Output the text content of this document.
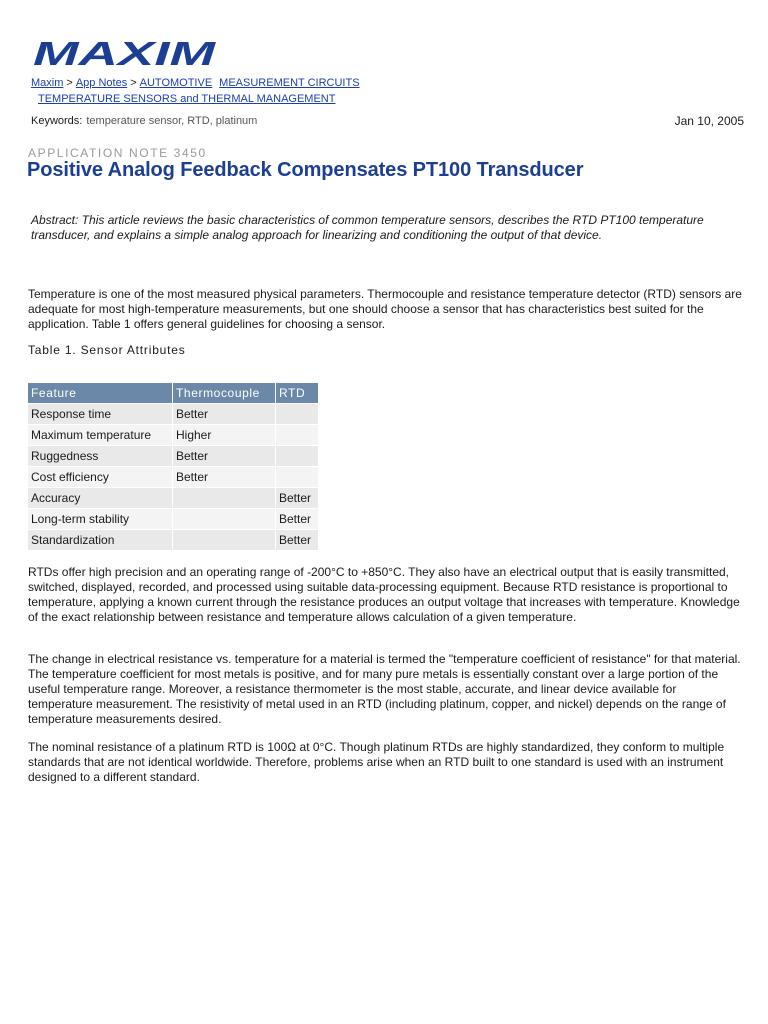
MAXIM
Maxim > App Notes > AUTOMOTIVE MEASUREMENT CIRCUITS
TEMPERATURE SENSORS and THERMAL MANAGEMENT
Keywords: temperature sensor, RTD, platinum	Jan 10, 2005
APPLICATION NOTE 3450
Positive Analog Feedback Compensates PT100 Transducer

Abstract: This article reviews the basic characteristics of common temperature sensors, describes the RTD PT100 temperature transducer, and explains a simple analog approach for linearizing and conditioning the output of that device.

Temperature is one of the most measured physical parameters. Thermocouple and resistance temperature detector (RTD) sensors are adequate for most high-temperature measurements, but one should choose a sensor that has characteristics best suited for the application. Table 1 offers general guidelines for choosing a sensor.

Table 1. Sensor Attributes
Feature	Thermocouple	RTD
Response time	Better	
Maximum temperature	Higher	
Ruggedness	Better	
Cost efficiency	Better	
Accuracy		Better
Long-term stability		Better
Standardization		Better

RTDs offer high precision and an operating range of -200°C to +850°C. They also have an electrical output that is easily transmitted, switched, displayed, recorded, and processed using suitable data-processing equipment. Because RTD resistance is proportional to temperature, applying a known current through the resistance produces an output voltage that increases with temperature. Knowledge of the exact relationship between resistance and temperature allows calculation of a given temperature.

The change in electrical resistance vs. temperature for a material is termed the "temperature coefficient of resistance" for that material. The temperature coefficient for most metals is positive, and for many pure metals is essentially constant over a large portion of the useful temperature range. Moreover, a resistance thermometer is the most stable, accurate, and linear device available for temperature measurement. The resistivity of metal used in an RTD (including platinum, copper, and nickel) depends on the range of temperature measurements desired.

The nominal resistance of a platinum RTD is 100Ω at 0°C. Though platinum RTDs are highly standardized, they conform to multiple standards that are not identical worldwide. Therefore, problems arise when an RTD built to one standard is used with an instrument designed to a different standard.
